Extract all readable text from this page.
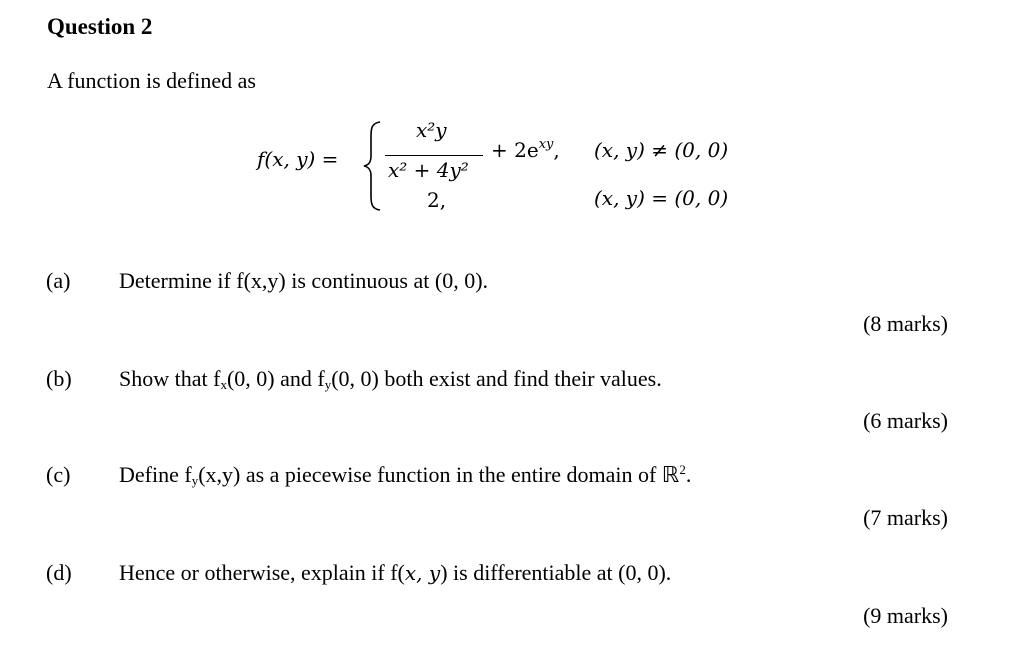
Question 2
A function is defined as
f(x, y) =
x²y
x² + 4y²
+ $2e^{xy}$,
2,
(x, y) ≠ (0, 0)
(x, y) = (0, 0)
(a) Determine if f(x,y) is continuous at (0, 0).
(8 marks)
(b) Show that $f_x(0$, 0) and $f_y(0$, 0) both exist and find their values.
(6 marks)
(c) Define $f_y(x,y)$ as a piecewise function in the entire domain of ℝ$^2$.
(7 marks)
(d) Hence or otherwise, explain if f(x, y) is differentiable at (0, 0).
(9 marks)
